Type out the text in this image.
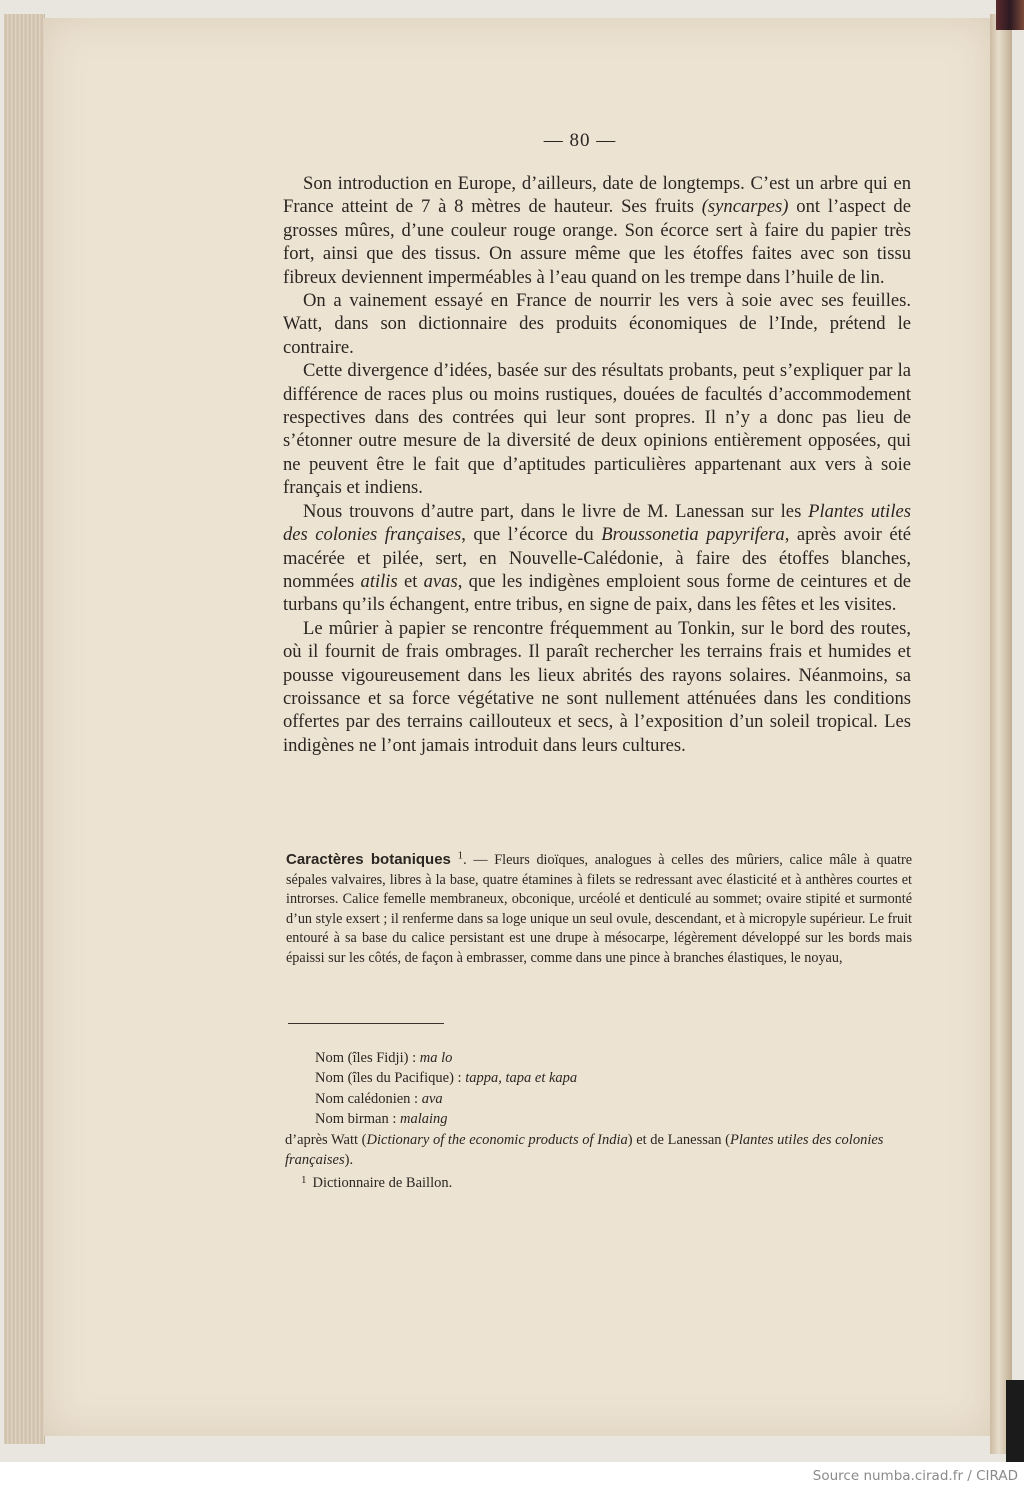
— 80 —

Son introduction en Europe, d’ailleurs, date de longtemps. C’est un arbre qui en France atteint de 7 à 8 mètres de hauteur. Ses fruits (syncarpes) ont l’aspect de grosses mûres, d’une couleur rouge orange. Son écorce sert à faire du papier très fort, ainsi que des tissus. On assure même que les étoffes faites avec son tissu fibreux deviennent imperméables à l’eau quand on les trempe dans l’huile de lin.

On a vainement essayé en France de nourrir les vers à soie avec ses feuilles. Watt, dans son dictionnaire des produits économiques de l’Inde, prétend le contraire.

Cette divergence d’idées, basée sur des résultats probants, peut s’expliquer par la différence de races plus ou moins rustiques, douées de facultés d’accommodement respectives dans des contrées qui leur sont propres. Il n’y a donc pas lieu de s’étonner outre mesure de la diversité de deux opinions entièrement opposées, qui ne peuvent être le fait que d’aptitudes particulières appartenant aux vers à soie français et indiens.

Nous trouvons d’autre part, dans le livre de M. Lanessan sur les Plantes utiles des colonies françaises, que l’écorce du Broussonetia papyrifera, après avoir été macérée et pilée, sert, en Nouvelle-Calédonie, à faire des étoffes blanches, nommées atilis et avas, que les indigènes emploient sous forme de ceintures et de turbans qu’ils échangent, entre tribus, en signe de paix, dans les fêtes et les visites.

Le mûrier à papier se rencontre fréquemment au Tonkin, sur le bord des routes, où il fournit de frais ombrages. Il paraît rechercher les terrains frais et humides et pousse vigoureusement dans les lieux abrités des rayons solaires. Néanmoins, sa croissance et sa force végétative ne sont nullement atténuées dans les conditions offertes par des terrains caillouteux et secs, à l’exposition d’un soleil tropical. Les indigènes ne l’ont jamais introduit dans leurs cultures.

Caractères botaniques $^1$. — Fleurs dioïques, analogues à celles des mûriers, calice mâle à quatre sépales valvaires, libres à la base, quatre étamines à filets se redressant avec élasticité et à anthères courtes et introrses. Calice femelle membraneux, obconique, urcéolé et denticulé au sommet; ovaire stipité et surmonté d’un style exsert ; il renferme dans sa loge unique un seul ovule, descendant, et à micropyle supérieur. Le fruit entouré à sa base du calice persistant est une drupe à mésocarpe, légèrement développé sur les bords mais épaissi sur les côtés, de façon à embrasser, comme dans une pince à branches élastiques, le noyau,
Nom (îles Fidji) : ma lo
Nom (îles du Pacifique) : tappa, tapa et kapa
Nom calédonien : ava
Nom birman : malaing
d’après Watt (Dictionary of the economic products of India) et de Lanessan (Plantes utiles des colonies françaises).
$^1$ Dictionnaire de Baillon.
Source numba.cirad.fr / CIRAD
